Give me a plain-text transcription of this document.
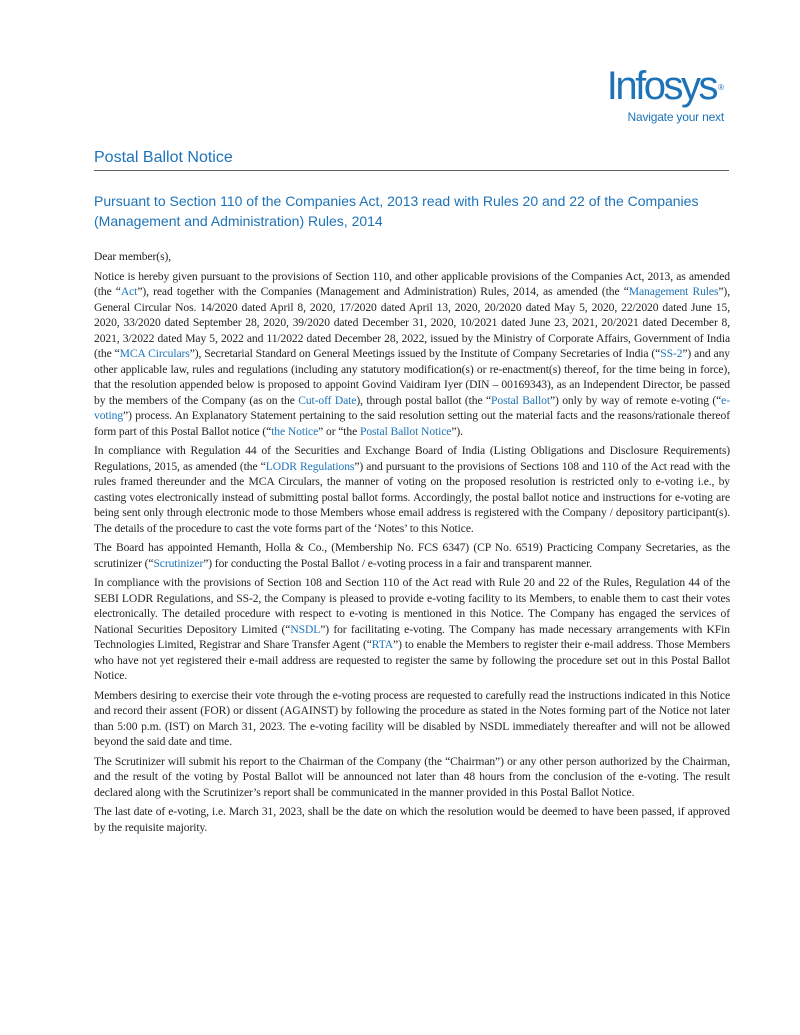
Infosys ®
Navigate your next
Postal Ballot Notice
Pursuant to Section 110 of the Companies Act, 2013 read with Rules 20 and 22 of the Companies (Management and Administration) Rules, 2014

Dear member(s),

Notice is hereby given pursuant to the provisions of Section 110, and other applicable provisions of the Companies Act, 2013, as amended (the “Act”), read together with the Companies (Management and Administration) Rules, 2014, as amended (the “Management Rules”), General Circular Nos. 14/2020 dated April 8, 2020, 17/2020 dated April 13, 2020, 20/2020 dated May 5, 2020, 22/2020 dated June 15, 2020, 33/2020 dated September 28, 2020, 39/2020 dated December 31, 2020, 10/2021 dated June 23, 2021, 20/2021 dated December 8, 2021, 3/2022 dated May 5, 2022 and 11/2022 dated December 28, 2022, issued by the Ministry of Corporate Affairs, Government of India (the “MCA Circulars”), Secretarial Standard on General Meetings issued by the Institute of Company Secretaries of India (“SS-2”) and any other applicable law, rules and regulations (including any statutory modification(s) or re-enactment(s) thereof, for the time being in force), that the resolution appended below is proposed to appoint Govind Vaidiram Iyer (DIN – 00169343), as an Independent Director, be passed by the members of the Company (as on the Cut-off Date), through postal ballot (the “Postal Ballot”) only by way of remote e-voting (“e-voting”) process. An Explanatory Statement pertaining to the said resolution setting out the material facts and the reasons/rationale thereof form part of this Postal Ballot notice (“the Notice” or “the Postal Ballot Notice”).

In compliance with Regulation 44 of the Securities and Exchange Board of India (Listing Obligations and Disclosure Requirements) Regulations, 2015, as amended (the “LODR Regulations”) and pursuant to the provisions of Sections 108 and 110 of the Act read with the rules framed thereunder and the MCA Circulars, the manner of voting on the proposed resolution is restricted only to e-voting i.e., by casting votes electronically instead of submitting postal ballot forms. Accordingly, the postal ballot notice and instructions for e-voting are being sent only through electronic mode to those Members whose email address is registered with the Company / depository participant(s). The details of the procedure to cast the vote forms part of the ‘Notes’ to this Notice.

The Board has appointed Hemanth, Holla & Co., (Membership No. FCS 6347) (CP No. 6519) Practicing Company Secretaries, as the scrutinizer (“Scrutinizer”) for conducting the Postal Ballot / e-voting process in a fair and transparent manner.

In compliance with the provisions of Section 108 and Section 110 of the Act read with Rule 20 and 22 of the Rules, Regulation 44 of the SEBI LODR Regulations, and SS-2, the Company is pleased to provide e-voting facility to its Members, to enable them to cast their votes electronically. The detailed procedure with respect to e-voting is mentioned in this Notice. The Company has engaged the services of National Securities Depository Limited (“NSDL”) for facilitating e-voting. The Company has made necessary arrangements with KFin Technologies Limited, Registrar and Share Transfer Agent (“RTA”) to enable the Members to register their e-mail address. Those Members who have not yet registered their e-mail address are requested to register the same by following the procedure set out in this Postal Ballot Notice.

Members desiring to exercise their vote through the e-voting process are requested to carefully read the instructions indicated in this Notice and record their assent (FOR) or dissent (AGAINST) by following the procedure as stated in the Notes forming part of the Notice not later than 5:00 p.m. (IST) on March 31, 2023. The e-voting facility will be disabled by NSDL immediately thereafter and will not be allowed beyond the said date and time.

The Scrutinizer will submit his report to the Chairman of the Company (the “Chairman”) or any other person authorized by the Chairman, and the result of the voting by Postal Ballot will be announced not later than 48 hours from the conclusion of the e-voting. The result declared along with the Scrutinizer’s report shall be communicated in the manner provided in this Postal Ballot Notice.

The last date of e-voting, i.e. March 31, 2023, shall be the date on which the resolution would be deemed to have been passed, if approved by the requisite majority.
